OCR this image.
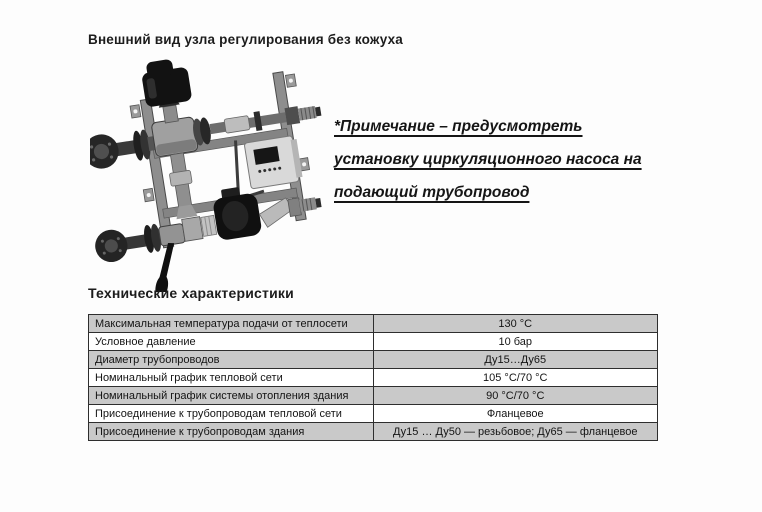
Внешний вид узла регулирования без кожуха
*Примечание – предусмотреть
установку циркуляционного насоса на
подающий трубопровод
Технические характеристики
Максимальная температура подачи от теплосети	130 °C
Условное давление	10 бар
Диаметр трубопроводов	Ду15…Ду65
Номинальный график тепловой сети	105 °C/70 °C
Номинальный график системы отопления здания	90 °C/70 °C
Присоединение к трубопроводам тепловой сети	Фланцевое
Присоединение к трубопроводам здания	Ду15 … Ду50 — резьбовое; Ду65 — фланцевое
